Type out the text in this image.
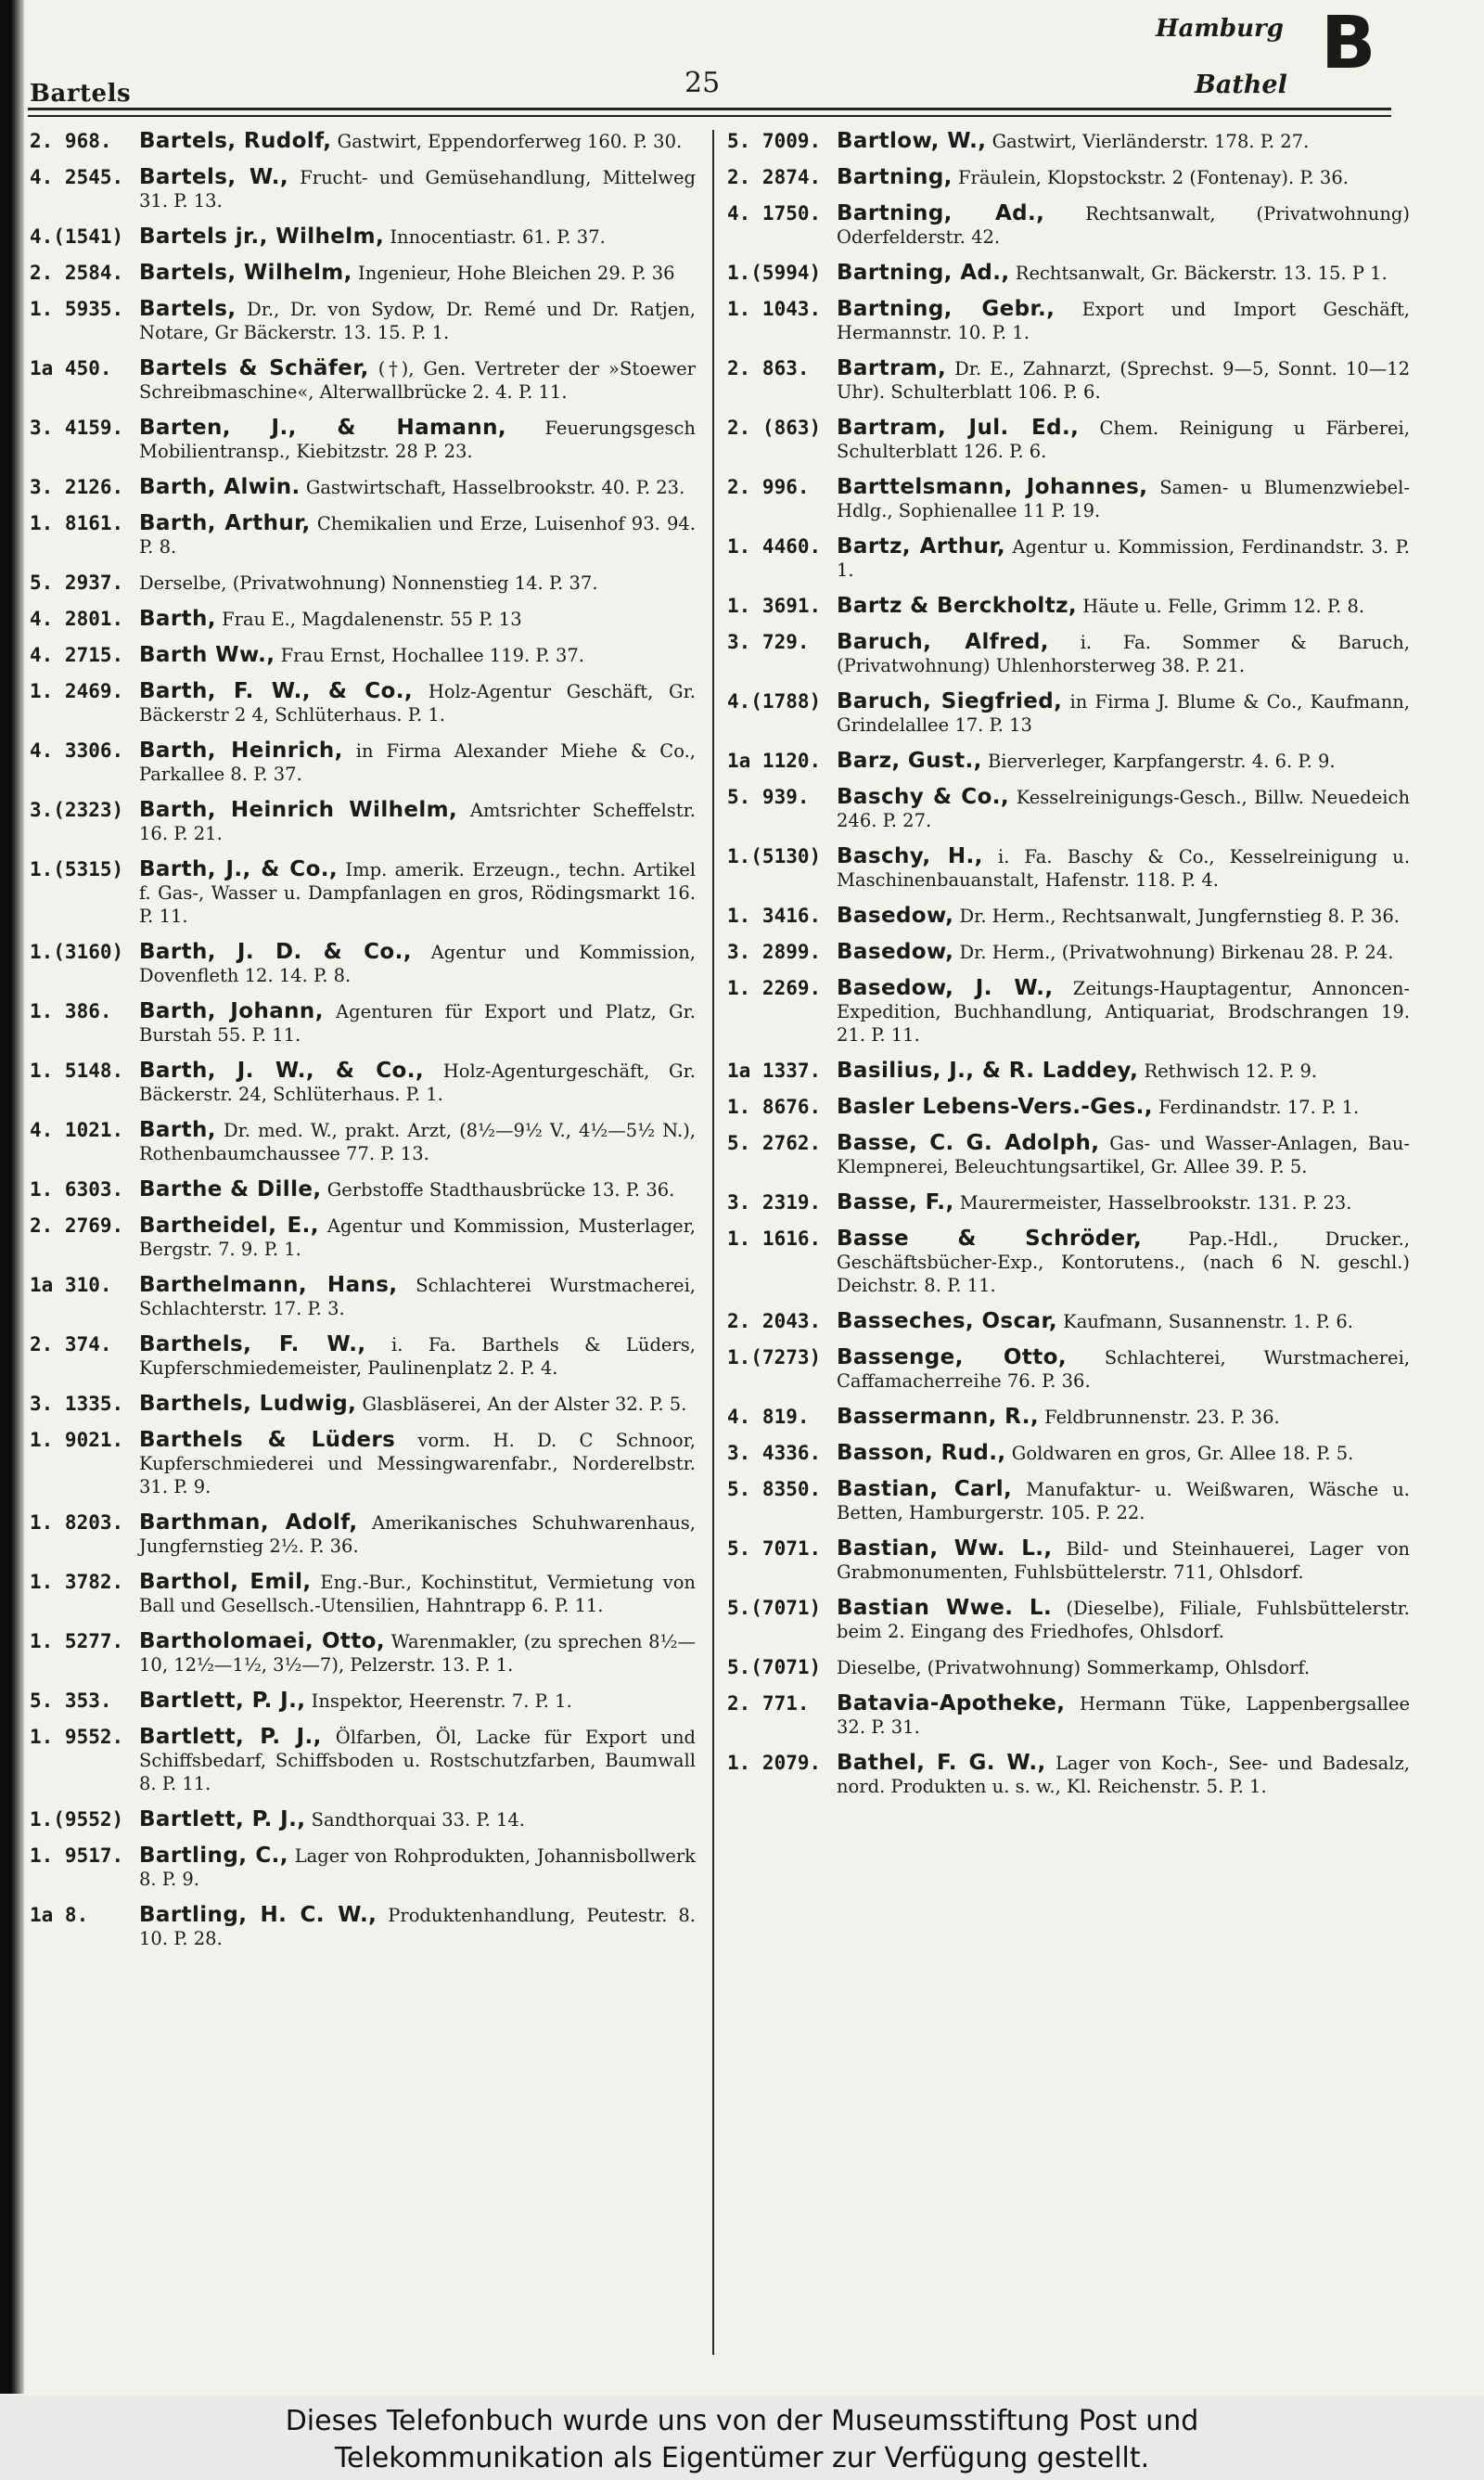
Bartels	25
Hamburg
Bathel B
2. 968.	Bartels, Rudolf, Gastwirt, Eppendorferweg 160. P. 30.
4. 2545. Bartels, W., Frucht- und Gemüsehandlung, Mittelweg 31. P. 13.
4.(1541) Bartels jr., Wilhelm, Innocentiastr. 61. P. 37.
2. 2584. Bartels, Wilhelm, Ingenieur, Hohe Bleichen 29. P. 36
1. 5935. Bartels, Dr., Dr. von Sydow, Dr. Remé und Dr. Ratjen, Notare, Gr Bäckerstr. 13. 15. P. 1.
1a 450.	Bartels & Schäfer, (†), Gen. Vertreter der »Stoewer Schreibmaschine«, Alterwallbrücke 2. 4. P. 11.
3. 4159. Barten, J., & Hamann, Feuerungsgesch Mobilientransp., Kiebitzstr. 28 P. 23.
3. 2126. Barth, Alwin. Gastwirtschaft, Hasselbrookstr. 40. P. 23.
1. 8161. Barth, Arthur, Chemikalien und Erze, Luisenhof 93. 94. P. 8.
5. 2937. Derselbe, (Privatwohnung) Nonnenstieg 14. P. 37.
4. 2801. Barth, Frau E., Magdalenenstr. 55 P. 13
4. 2715. Barth Ww., Frau Ernst, Hochallee 119. P. 37.
1. 2469. Barth, F. W., & Co., Holz-Agentur Geschäft, Gr. Bäckerstr 2 4, Schlüterhaus. P. 1.
4. 3306. Barth, Heinrich, in Firma Alexander Miehe & Co., Parkallee 8. P. 37.
3.(2323) Barth, Heinrich Wilhelm, Amtsrichter Scheffelstr. 16. P. 21.
1.(5315) Barth, J., & Co., Imp. amerik. Erzeugn., techn. Artikel f. Gas-, Wasser u. Dampfanlagen en gros, Rödingsmarkt 16. P. 11.
1.(3160) Barth, J. D. & Co., Agentur und Kommission, Dovenfleth 12. 14. P. 8.
1. 386.	Barth, Johann, Agenturen für Export und Platz, Gr. Burstah 55. P. 11.
1. 5148. Barth, J. W., & Co., Holz-Agenturgeschäft, Gr. Bäckerstr. 24, Schlüterhaus. P. 1.
4. 1021. Barth, Dr. med. W., prakt. Arzt, (8½—9½ V., 4½—5½ N.), Rothenbaumchaussee 77. P. 13.
1. 6303. Barthe & Dille, Gerbstoffe Stadthausbrücke 13. P. 36.
2. 2769. Bartheidel, E., Agentur und Kommission, Musterlager, Bergstr. 7. 9. P. 1.
1a 310.	Barthelmann, Hans, Schlachterei Wurstmacherei, Schlachterstr. 17. P. 3.
2. 374.	Barthels, F. W., i. Fa. Barthels & Lüders, Kupferschmiedemeister, Paulinenplatz 2. P. 4.
3. 1335. Barthels, Ludwig, Glasbläserei, An der Alster 32. P. 5.
1. 9021. Barthels & Lüders vorm. H. D. C Schnoor, Kupferschmiederei und Messingwarenfabr., Norderelbstr. 31. P. 9.
1. 8203. Barthman, Adolf, Amerikanisches Schuhwarenhaus, Jungfernstieg 2½. P. 36.
1. 3782. Barthol, Emil, Eng.-Bur., Kochinstitut, Vermietung von Ball und Gesellsch.-Utensilien, Hahntrapp 6. P. 11.
1. 5277. Bartholomaei, Otto, Warenmakler, (zu sprechen 8½—10, 12½—1½, 3½—7), Pelzerstr. 13. P. 1.
5. 353.	Bartlett, P. J., Inspektor, Heerenstr. 7. P. 1.
1. 9552. Bartlett, P. J., Ölfarben, Öl, Lacke für Export und Schiffsbedarf, Schiffsboden u. Rostschutzfarben, Baumwall 8. P. 11.
1.(9552) Bartlett, P. J., Sandthorquai 33. P. 14.
1. 9517. Bartling, C., Lager von Rohprodukten, Johannisbollwerk 8. P. 9.
1a 8.	Bartling, H. C. W., Produktenhandlung, Peutestr. 8. 10. P. 28.
5. 7009. Bartlow, W., Gastwirt, Vierländerstr. 178. P. 27.
2. 2874. Bartning, Fräulein, Klopstockstr. 2 (Fontenay). P. 36.
4. 1750. Bartning, Ad., Rechtsanwalt, (Privatwohnung) Oderfelderstr. 42.
1.(5994) Bartning, Ad., Rechtsanwalt, Gr. Bäckerstr. 13. 15. P 1.
1. 1043. Bartning, Gebr., Export und Import Geschäft, Hermannstr. 10. P. 1.
2. 863.	Bartram, Dr. E., Zahnarzt, (Sprechst. 9—5, Sonnt. 10—12 Uhr). Schulterblatt 106. P. 6.
2. (863) Bartram, Jul. Ed., Chem. Reinigung u Färberei, Schulterblatt 126. P. 6.
2. 996.	Barttelsmann, Johannes, Samen- u Blumenzwiebel-Hdlg., Sophienallee 11 P. 19.
1. 4460. Bartz, Arthur, Agentur u. Kommission, Ferdinandstr. 3. P. 1.
1. 3691. Bartz & Berckholtz, Häute u. Felle, Grimm 12. P. 8.
3. 729.	Baruch, Alfred, i. Fa. Sommer & Baruch, (Privatwohnung) Uhlenhorsterweg 38. P. 21.
4.(1788) Baruch, Siegfried, in Firma J. Blume & Co., Kaufmann, Grindelallee 17. P. 13
1a 1120. Barz, Gust., Bierverleger, Karpfangerstr. 4. 6. P. 9.
5. 939.	Baschy & Co., Kesselreinigungs-Gesch., Billw. Neuedeich 246. P. 27.
1.(5130) Baschy, H., i. Fa. Baschy & Co., Kesselreinigung u. Maschinenbauanstalt, Hafenstr. 118. P. 4.
1. 3416. Basedow, Dr. Herm., Rechtsanwalt, Jungfernstieg 8. P. 36.
3. 2899. Basedow, Dr. Herm., (Privatwohnung) Birkenau 28. P. 24.
1. 2269. Basedow, J. W., Zeitungs-Hauptagentur, Annoncen-Expedition, Buchhandlung, Antiquariat, Brodschrangen 19. 21. P. 11.
1a 1337. Basilius, J., & R. Laddey, Rethwisch 12. P. 9.
1. 8676. Basler Lebens-Vers.-Ges., Ferdinandstr. 17. P. 1.
5. 2762. Basse, C. G. Adolph, Gas- und Wasser-Anlagen, Bau-Klempnerei, Beleuchtungsartikel, Gr. Allee 39. P. 5.
3. 2319. Basse, F., Maurermeister, Hasselbrookstr. 131. P. 23.
1. 1616. Basse & Schröder,	Pap.-Hdl., Drucker., Geschäftsbücher-Exp., Kontorutens., (nach 6 N. geschl.) Deichstr. 8. P. 11.
2. 2043. Basseches, Oscar, Kaufmann, Susannenstr. 1. P. 6.
1.(7273) Bassenge, Otto, Schlachterei, Wurstmacherei, Caffamacherreihe 76. P. 36.
4. 819.	Bassermann, R., Feldbrunnenstr. 23. P. 36.
3. 4336. Basson, Rud., Goldwaren en gros, Gr. Allee 18. P. 5.
5. 8350. Bastian, Carl, Manufaktur- u. Weißwaren, Wäsche u. Betten, Hamburgerstr. 105. P. 22.
5. 7071. Bastian, Ww. L., Bild- und Steinhauerei, Lager von Grabmonumenten, Fuhlsbüttelerstr. 711, Ohlsdorf.
5.(7071) Bastian Wwe. L. (Dieselbe), Filiale, Fuhlsbüttelerstr. beim 2. Eingang des Friedhofes, Ohlsdorf.
5.(7071) Dieselbe, (Privatwohnung) Sommerkamp, Ohlsdorf.
2. 771.	Batavia-Apotheke, Hermann Tüke, Lappenbergsallee 32. P. 31.
1. 2079. Bathel, F. G. W., Lager von Koch-, See- und Badesalz, nord. Produkten u. s. w., Kl. Reichenstr. 5. P. 1.
Dieses Telefonbuch wurde uns von der Museumsstiftung Post und
Telekommunikation als Eigentümer zur Verfügung gestellt.
